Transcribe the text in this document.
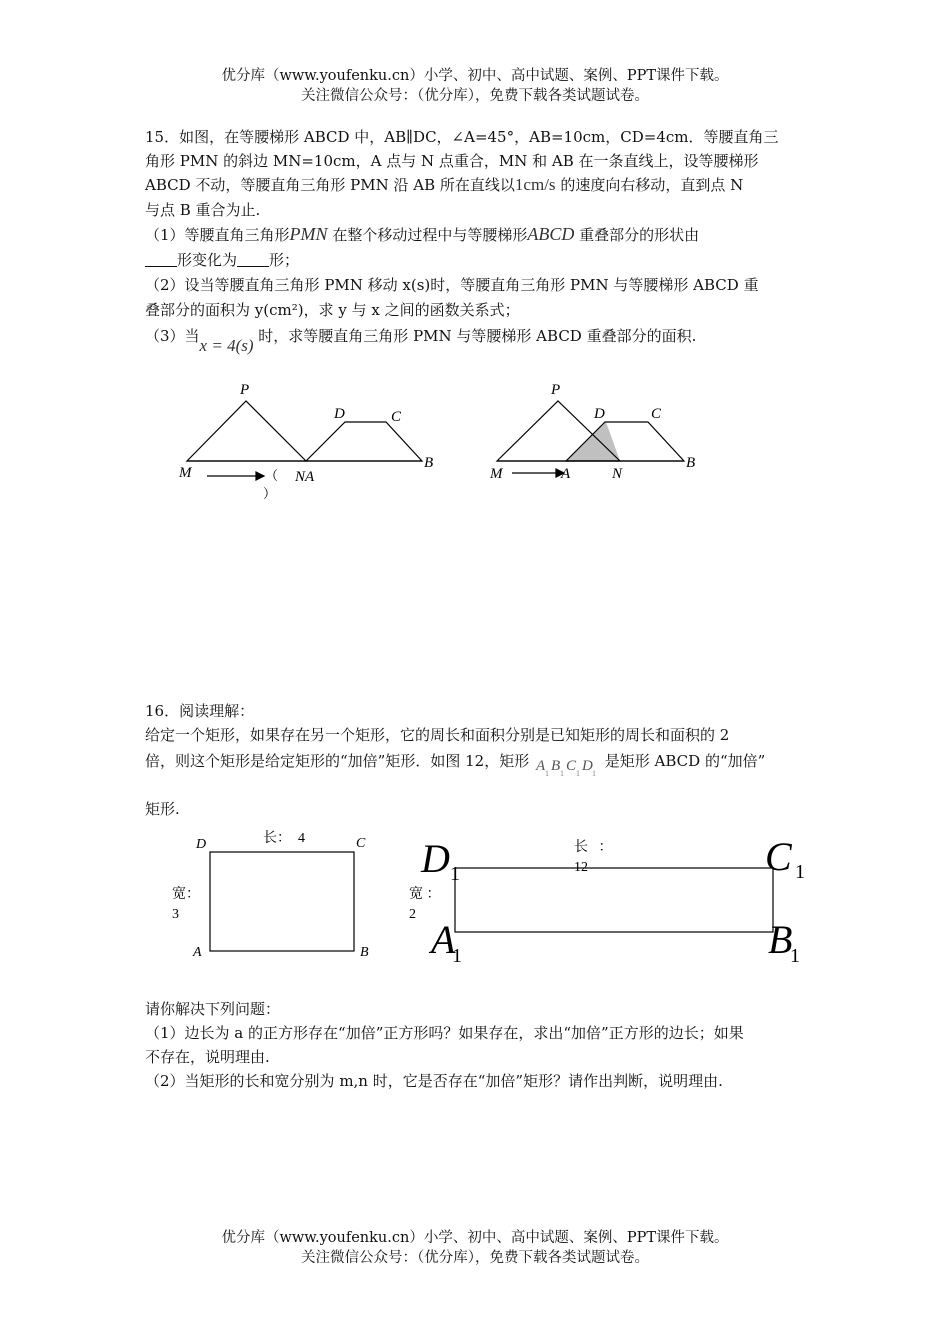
优分库（www.youfenku.cn）小学、初中、高中试题、案例、PPT课件下载。
关注微信公众号：（优分库），免费下载各类试题试卷。
15．如图，在等腰梯形 ABCD 中，AB∥DC，∠A=45°，AB=10cm，CD=4cm．等腰直角三
角形 PMN 的斜边 MN=10cm，A 点与 N 点重合，MN 和 AB 在一条直线上，设等腰梯形
ABCD 不动，等腰直角三角形 PMN 沿 AB 所在直线以1cm/s 的速度向右移动，直到点 N
与点 B 重合为止.
（1）等腰直角三角形PMN 在整个移动过程中与等腰梯形ABCD 重叠部分的形状由
形变化为 形；
（2）设当等腰直角三角形 PMN 移动 x(s)时，等腰直角三角形 PMN 与等腰梯形 ABCD 重
叠部分的面积为 y(cm²)，求 y 与 x 之间的函数关系式；
（3）当x = 4(s) 时，求等腰直角三角形 PMN 与等腰梯形 ABCD 重叠部分的面积.
P
D	C
M	NA
B
（
）
P
D	C
M	A	N
B
16．阅读理解：
给定一个矩形，如果存在另一个矩形，它的周长和面积分别是已知矩形的周长和面积的 2
倍，则这个矩形是给定矩形的“加倍”矩形．如图 12，矩形 A B C D
1 1 1 1
是矩形 ABCD 的“加倍”
矩形.
D	C
A	B
长：  4
宽：
3
D	C
A	B
1	1
1	1
长   ：
12
宽 ：
2
请你解决下列问题：
（1）边长为 a 的正方形存在“加倍”正方形吗？如果存在，求出“加倍”正方形的边长；如果
不存在，说明理由.
（2）当矩形的长和宽分别为 m,n 时，它是否存在“加倍”矩形？请作出判断，说明理由.
优分库（www.youfenku.cn）小学、初中、高中试题、案例、PPT课件下载。
关注微信公众号：（优分库），免费下载各类试题试卷。
